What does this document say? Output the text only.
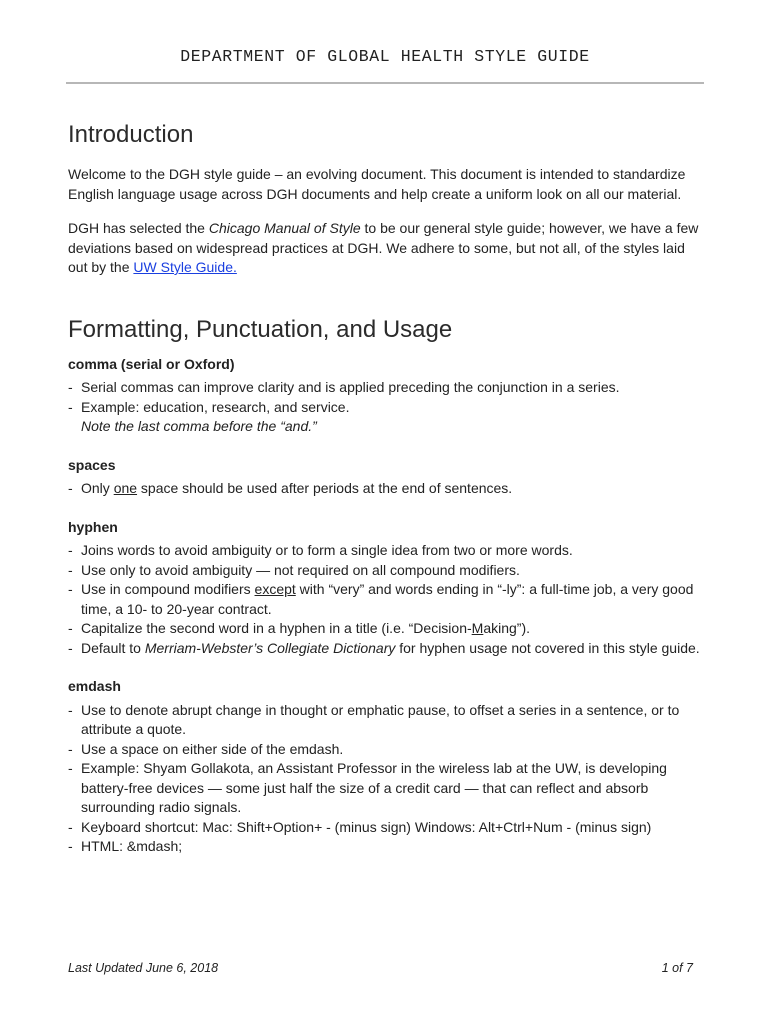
DEPARTMENT OF GLOBAL HEALTH STYLE GUIDE
Introduction

Welcome to the DGH style guide – an evolving document. This document is intended to standardize English language usage across DGH documents and help create a uniform look on all our material.

DGH has selected the Chicago Manual of Style to be our general style guide; however, we have a few deviations based on widespread practices at DGH. We adhere to some, but not all, of the styles laid out by the UW Style Guide.

Formatting, Punctuation, and Usage
comma (serial or Oxford)
- Serial commas can improve clarity and is applied preceding the conjunction in a series.
- Example: education, research, and service.
Note the last comma before the “and.”
spaces
- Only one space should be used after periods at the end of sentences.
hyphen
- Joins words to avoid ambiguity or to form a single idea from two or more words.
- Use only to avoid ambiguity — not required on all compound modifiers.
- Use in compound modifiers except with “very” and words ending in “-ly”: a full-time job, a very good time, a 10- to 20-year contract.
- Capitalize the second word in a hyphen in a title (i.e. “Decision-Making”).
- Default to Merriam-Webster’s Collegiate Dictionary for hyphen usage not covered in this style guide.
emdash
- Use to denote abrupt change in thought or emphatic pause, to offset a series in a sentence, or to attribute a quote.
- Use a space on either side of the emdash.
- Example: Shyam Gollakota, an Assistant Professor in the wireless lab at the UW, is developing battery-free devices — some just half the size of a credit card — that can reflect and absorb surrounding radio signals.
- Keyboard shortcut: Mac: Shift+Option+ - (minus sign) Windows: Alt+Ctrl+Num - (minus sign)
- HTML: &mdash;
Last Updated June 6, 2018	1 of 7
